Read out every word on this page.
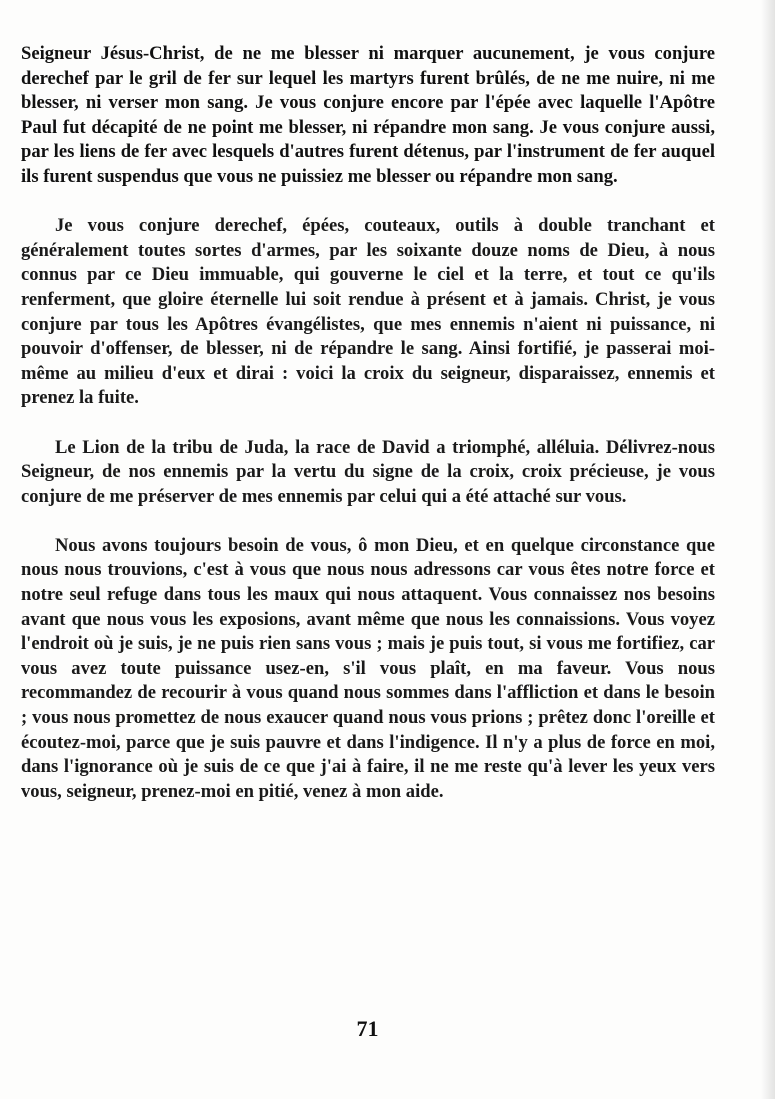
Seigneur Jésus-Christ, de ne me blesser ni marquer aucunement, je vous conjure derechef par le gril de fer sur lequel les martyrs furent brûlés, de ne me nuire, ni me blesser, ni verser mon sang. Je vous conjure encore par l'épée avec laquelle l'Apôtre Paul fut décapité de ne point me blesser, ni répandre mon sang. Je vous conjure aussi, par les liens de fer avec lesquels d'autres furent détenus, par l'instrument de fer auquel ils furent suspendus que vous ne puissiez me blesser ou répandre mon sang.

Je vous conjure derechef, épées, couteaux, outils à double tranchant et généralement toutes sortes d'armes, par les soixante douze noms de Dieu, à nous connus par ce Dieu immuable, qui gouverne le ciel et la terre, et tout ce qu'ils renferment, que gloire éternelle lui soit rendue à présent et à jamais. Christ, je vous conjure par tous les Apôtres évangélistes, que mes ennemis n'aient ni puissance, ni pouvoir d'offenser, de blesser, ni de répandre le sang. Ainsi fortifié, je passerai moi-même au milieu d'eux et dirai : voici la croix du seigneur, disparaissez, ennemis et prenez la fuite.

Le Lion de la tribu de Juda, la race de David a triomphé, alléluia. Délivrez-nous Seigneur, de nos ennemis par la vertu du signe de la croix, croix précieuse, je vous conjure de me préserver de mes ennemis par celui qui a été attaché sur vous.

Nous avons toujours besoin de vous, ô mon Dieu, et en quelque circonstance que nous nous trouvions, c'est à vous que nous nous adressons car vous êtes notre force et notre seul refuge dans tous les maux qui nous attaquent. Vous connaissez nos besoins avant que nous vous les exposions, avant même que nous les connaissions. Vous voyez l'endroit où je suis, je ne puis rien sans vous ; mais je puis tout, si vous me fortifiez, car vous avez toute puissance usez-en, s'il vous plaît, en ma faveur. Vous nous recommandez de recourir à vous quand nous sommes dans l'affliction et dans le besoin ; vous nous promettez de nous exaucer quand nous vous prions ; prêtez donc l'oreille et écoutez-moi, parce que je suis pauvre et dans l'indigence. Il n'y a plus de force en moi, dans l'ignorance où je suis de ce que j'ai à faire, il ne me reste qu'à lever les yeux vers vous, seigneur, prenez-moi en pitié, venez à mon aide.

71
